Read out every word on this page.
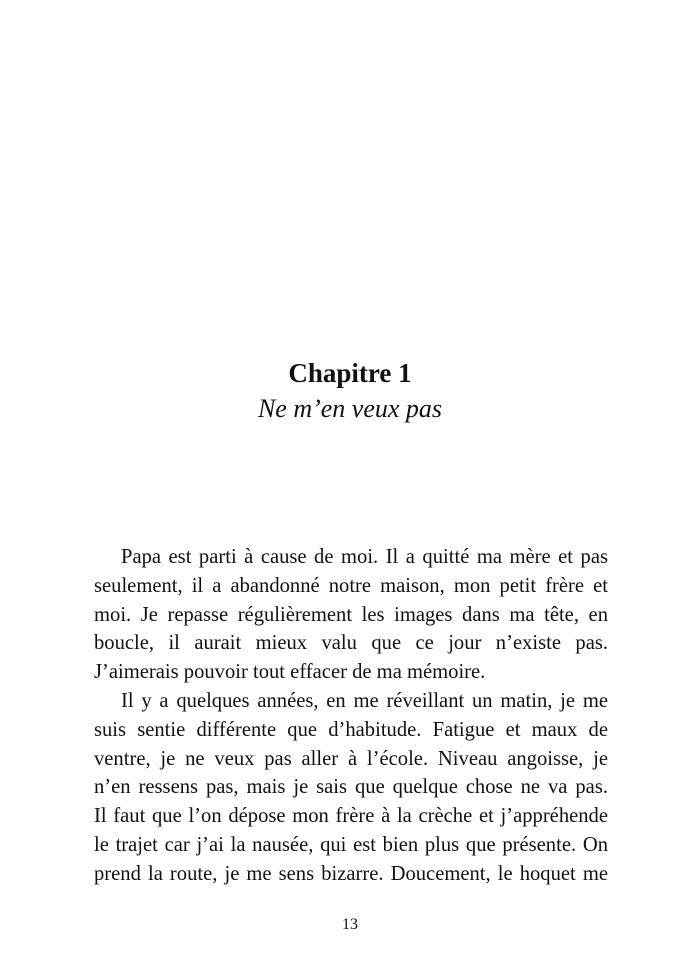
Chapitre 1
Ne m’en veux pas
Papa est parti à cause de moi. Il a quitté ma mère et pas
seulement, il a abandonné notre maison, mon petit frère et
moi. Je repasse régulièrement les images dans ma tête, en
boucle, il aurait mieux valu que ce jour n’existe pas.
J’aimerais pouvoir tout effacer de ma mémoire.
Il y a quelques années, en me réveillant un matin, je me
suis sentie différente que d’habitude. Fatigue et maux de
ventre, je ne veux pas aller à l’école. Niveau angoisse, je
n’en ressens pas, mais je sais que quelque chose ne va pas.
Il faut que l’on dépose mon frère à la crèche et j’appréhende
le trajet car j’ai la nausée, qui est bien plus que présente. On
prend la route, je me sens bizarre. Doucement, le hoquet me
13
